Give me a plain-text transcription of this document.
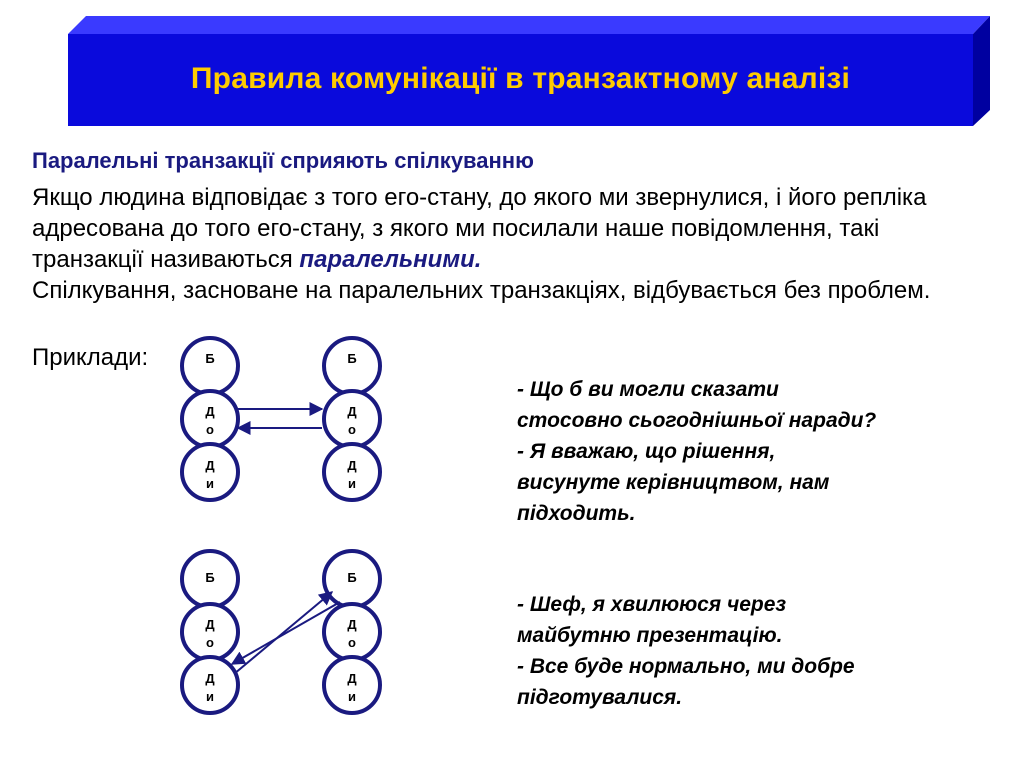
Правила комунікації в транзактному аналізі
Паралельні транзакції сприяють спілкуванню

Якщо людина відповідає з того его-стану, до якого ми звернулися, і його репліка адресована до того его-стану, з якого ми посилали наше повідомлення, такі транзакції називаються паралельними.

Спілкування, засноване на паралельних транзакціях, відбувається без проблем.

Приклади:	Б
Д
о
Д
и
Б
Д
о
Д
и
Б
Д
о
Д
и
Б
Д
о
Д
и

- Що б ви могли сказати

стосовно сьогоднішньої наради?

- Я вважаю, що рішення,

висунуте керівництвом, нам

підходить.

- Шеф, я хвилююся через

майбутню презентацію.

- Все буде нормально, ми добре

підготувалися.
